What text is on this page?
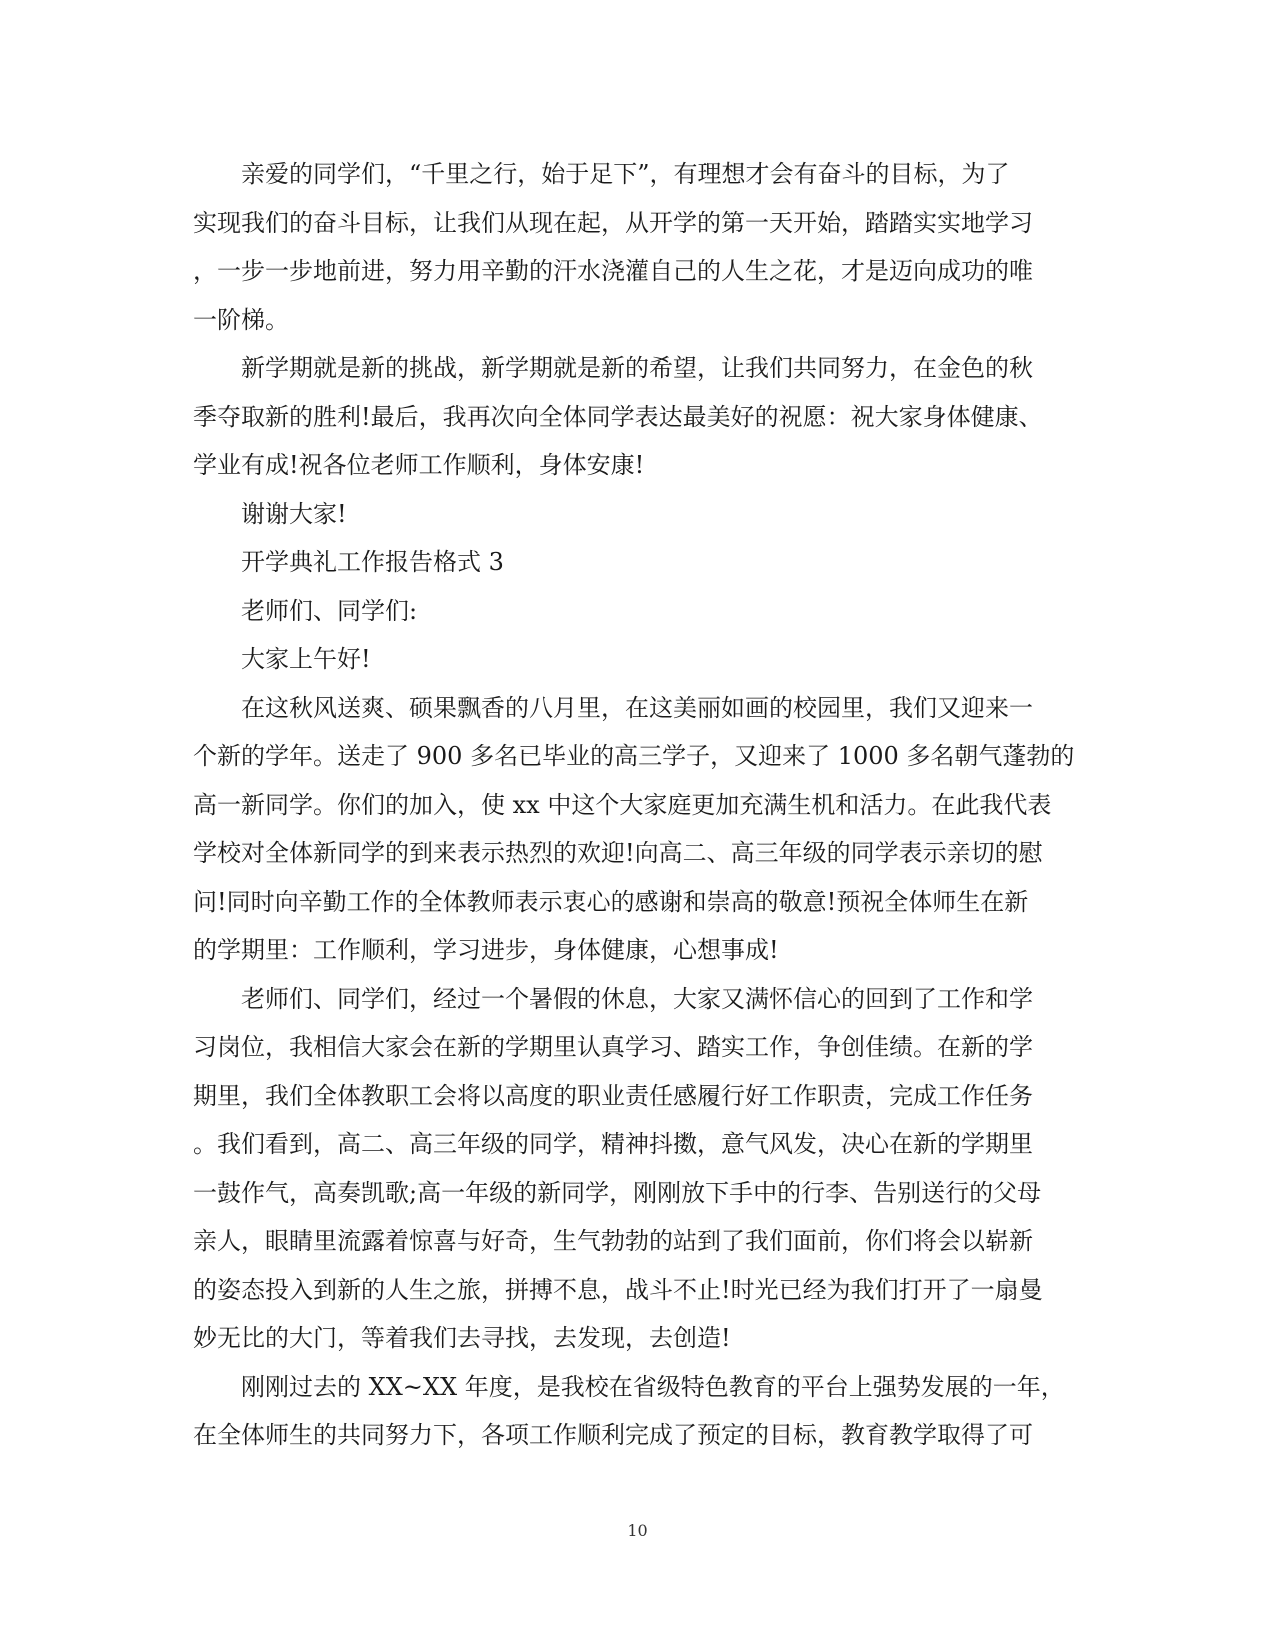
亲爱的同学们，“千里之行，始于足下”，有理想才会有奋斗的目标，为了
实现我们的奋斗目标，让我们从现在起，从开学的第一天开始，踏踏实实地学习
，一步一步地前进，努力用辛勤的汗水浇灌自己的人生之花，才是迈向成功的唯
一阶梯。
新学期就是新的挑战，新学期就是新的希望，让我们共同努力，在金色的秋
季夺取新的胜利!最后，我再次向全体同学表达最美好的祝愿：祝大家身体健康、
学业有成!祝各位老师工作顺利，身体安康!
谢谢大家!
开学典礼工作报告格式 3
老师们、同学们:
大家上午好!
在这秋风送爽、硕果飘香的八月里，在这美丽如画的校园里，我们又迎来一
个新的学年。送走了 900 多名已毕业的高三学子，又迎来了 1000 多名朝气蓬勃的
高一新同学。你们的加入，使 xx 中这个大家庭更加充满生机和活力。在此我代表
学校对全体新同学的到来表示热烈的欢迎!向高二、高三年级的同学表示亲切的慰
问!同时向辛勤工作的全体教师表示衷心的感谢和崇高的敬意!预祝全体师生在新
的学期里：工作顺利，学习进步，身体健康，心想事成!
老师们、同学们，经过一个暑假的休息，大家又满怀信心的回到了工作和学
习岗位，我相信大家会在新的学期里认真学习、踏实工作，争创佳绩。在新的学
期里，我们全体教职工会将以高度的职业责任感履行好工作职责，完成工作任务
。我们看到，高二、高三年级的同学，精神抖擞，意气风发，决心在新的学期里
一鼓作气，高奏凯歌;高一年级的新同学，刚刚放下手中的行李、告别送行的父母
亲人，眼睛里流露着惊喜与好奇，生气勃勃的站到了我们面前，你们将会以崭新
的姿态投入到新的人生之旅，拼搏不息，战斗不止!时光已经为我们打开了一扇曼
妙无比的大门，等着我们去寻找，去发现，去创造!
刚刚过去的 XX~XX 年度，是我校在省级特色教育的平台上强势发展的一年，
在全体师生的共同努力下，各项工作顺利完成了预定的目标，教育教学取得了可
10
